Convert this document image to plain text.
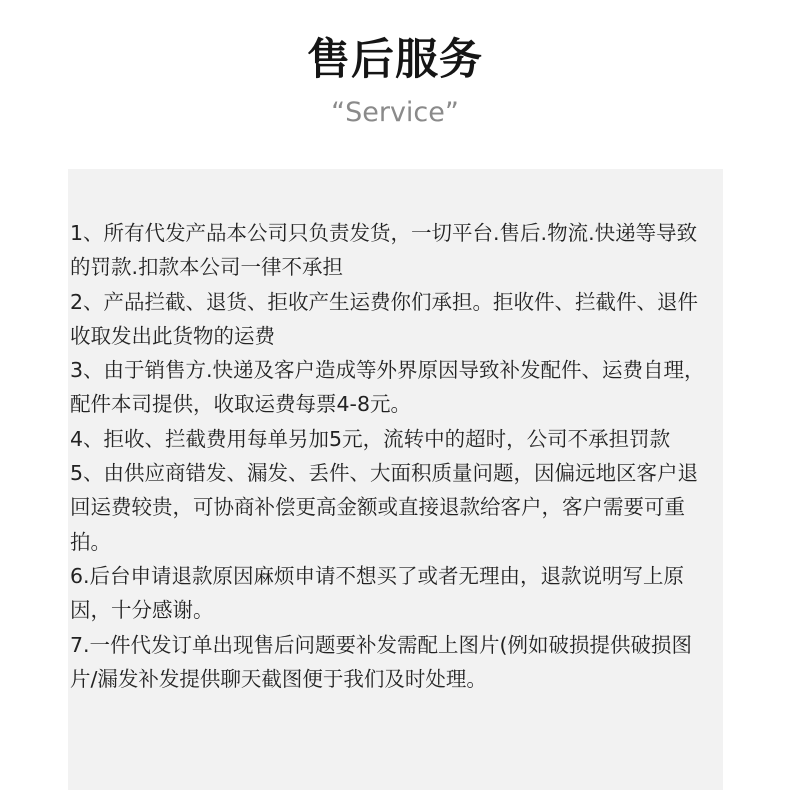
售后服务
“Service”
1、所有代发产品本公司只负责发货，一切平台.售后.物流.快递等导致的罚款.扣款本公司一律不承担
2、产品拦截、退货、拒收产生运费你们承担。拒收件、拦截件、退件收取发出此货物的运费
3、由于销售方.快递及客户造成等外界原因导致补发配件、运费自理，配件本司提供，收取运费每票4-8元。
4、拒收、拦截费用每单另加5元，流转中的超时，公司不承担罚款
5、由供应商错发、漏发、丢件、大面积质量问题，因偏远地区客户退回运费较贵，可协商补偿更高金额或直接退款给客户，客户需要可重拍。
6.后台申请退款原因麻烦申请不想买了或者无理由，退款说明写上原因，十分感谢。
7.一件代发订单出现售后问题要补发需配上图片(例如破损提供破损图片/漏发补发提供聊天截图便于我们及时处理。
